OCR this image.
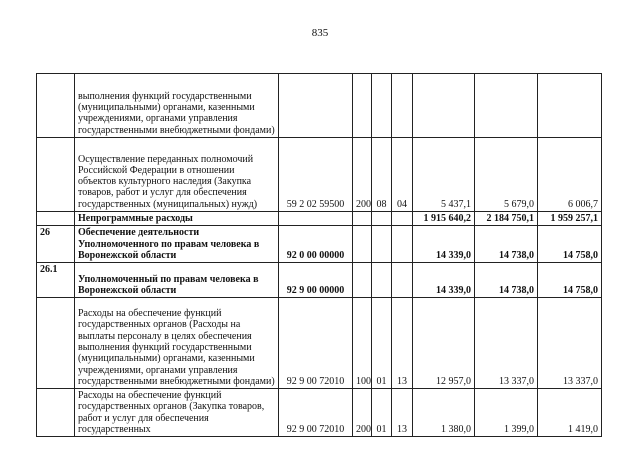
835
	выполнения функций государственными (муниципальными) органами, казенными учреждениями, органами управления государственными внебюджетными фондами)							
	Осуществление переданных полномочий Российской Федерации в отношении объектов культурного наследия (Закупка товаров, работ и услуг для обеспечения государственных (муниципальных) нужд)	59 2 02 59500	200	08	04	5 437,1	5 679,0	6 006,7
	Непрограммные расходы					1 915 640,2	2 184 750,1	1 959 257,1
26	Обеспечение деятельности Уполномоченного по правам человека в Воронежской области	92 0 00 00000				14 339,0	14 738,0	14 758,0
26.1	Уполномоченный по правам человека в Воронежской области	92 9 00 00000				14 339,0	14 738,0	14 758,0
	Расходы на обеспечение функций государственных органов (Расходы на выплаты персоналу в целях обеспечения выполнения функций государственными (муниципальными) органами, казенными учреждениями, органами управления государственными внебюджетными фондами)	92 9 00 72010	100	01	13	12 957,0	13 337,0	13 337,0
	Расходы на обеспечение функций государственных органов (Закупка товаров, работ и услуг для обеспечения государственных	92 9 00 72010	200	01	13	1 380,0	1 399,0	1 419,0
